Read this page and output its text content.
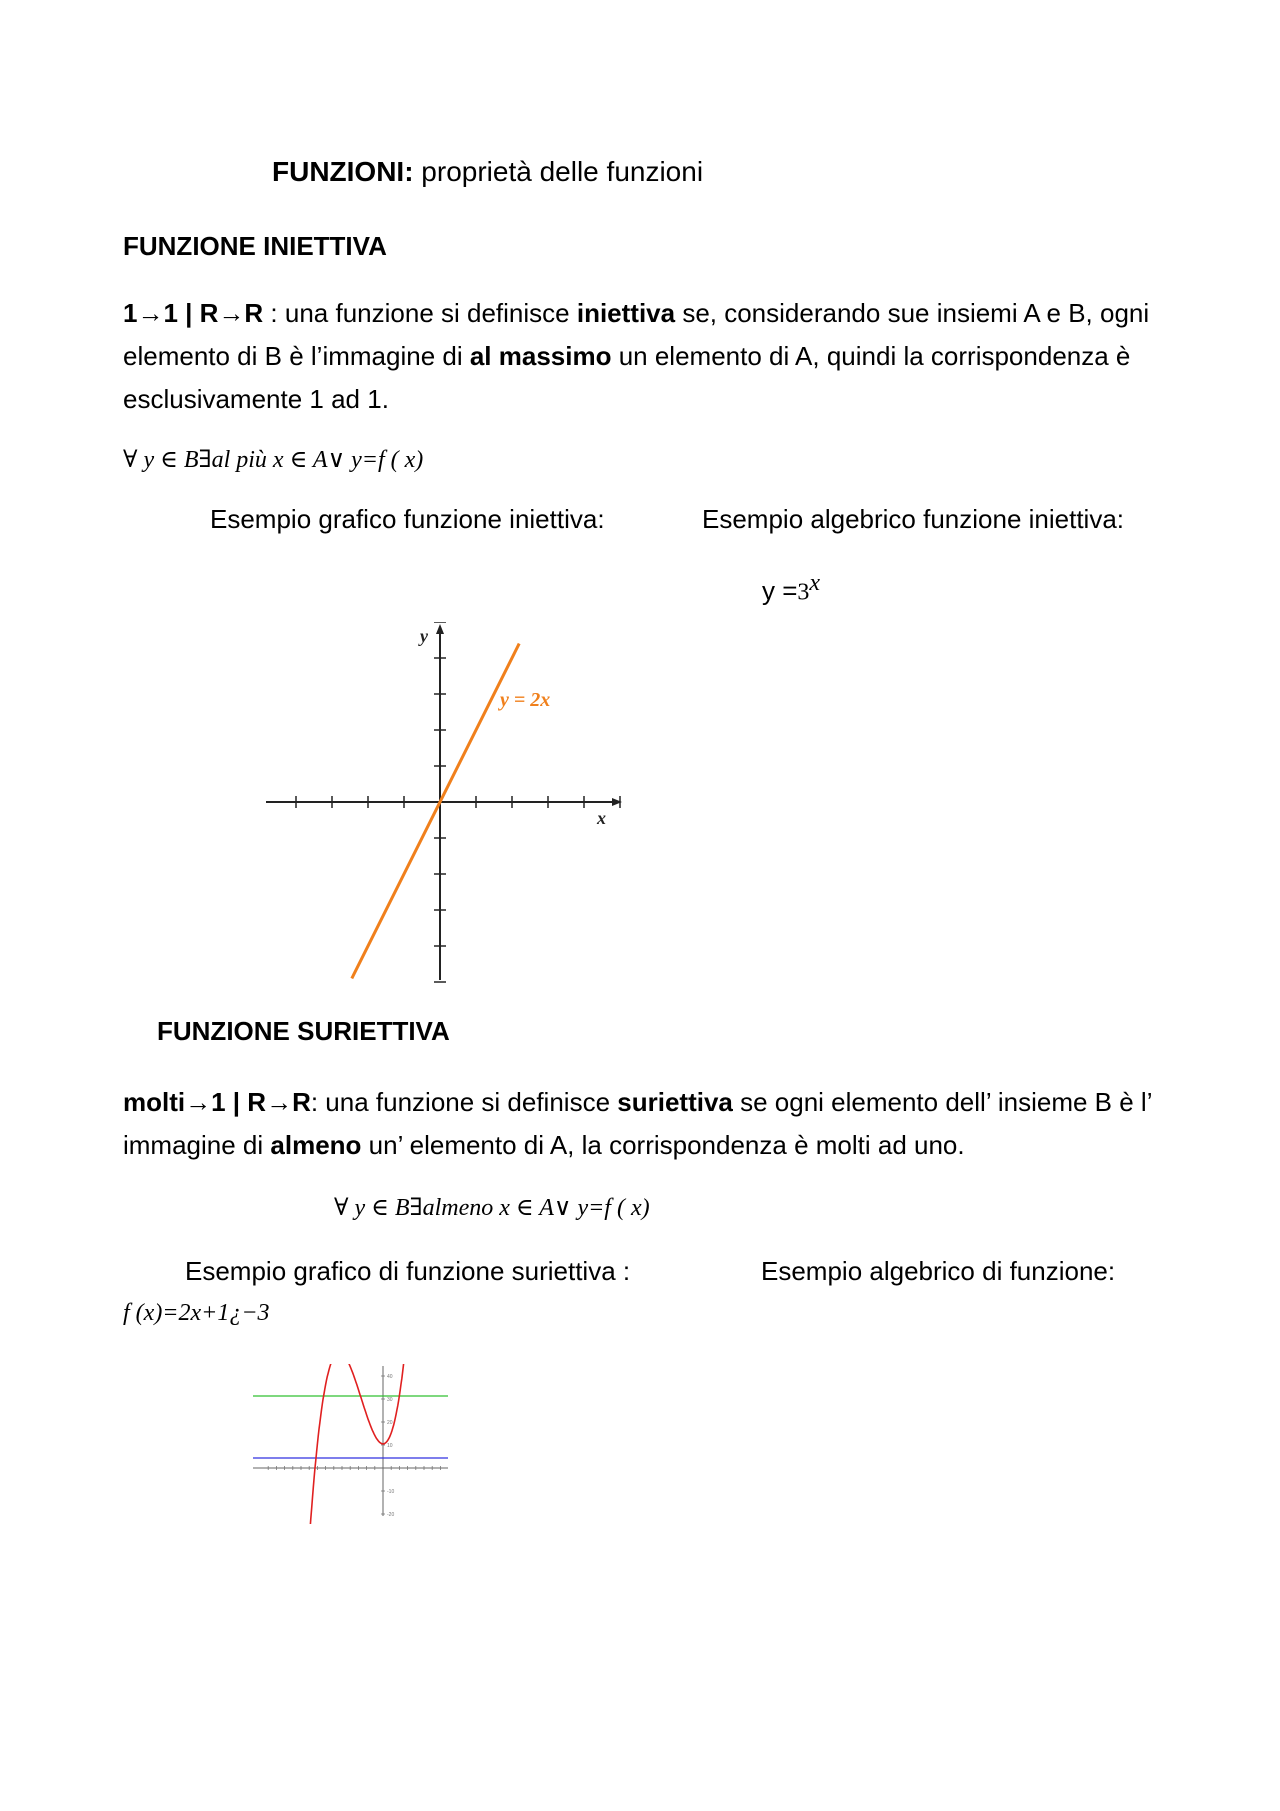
FUNZIONI: proprietà delle funzioni
FUNZIONE INIETTIVA
1→1 | R→R : una funzione si definisce iniettiva se, considerando sue insiemi A e B, ogni elemento di B è l’immagine di al massimo un elemento di A, quindi la corrispondenza è esclusivamente 1 ad 1.
∀ y ∈ B∃al più x ∈ A∨ y=f ( x)
Esempio grafico funzione iniettiva:	Esempio algebrico funzione iniettiva:
$y =3^x$
x
y
y = 2x
FUNZIONE SURIETTIVA
molti→1 | R→R: una funzione si definisce suriettiva se ogni elemento dell’ insieme B è l’ immagine di almeno un’ elemento di A, la corrispondenza è molti ad uno.
∀ y ∈ B∃almeno x ∈ A∨ y=f ( x)
Esempio grafico di funzione suriettiva :	Esempio algebrico di funzione:
f (x)=2x+1¿−3
40
30
20
10
-10
-20
